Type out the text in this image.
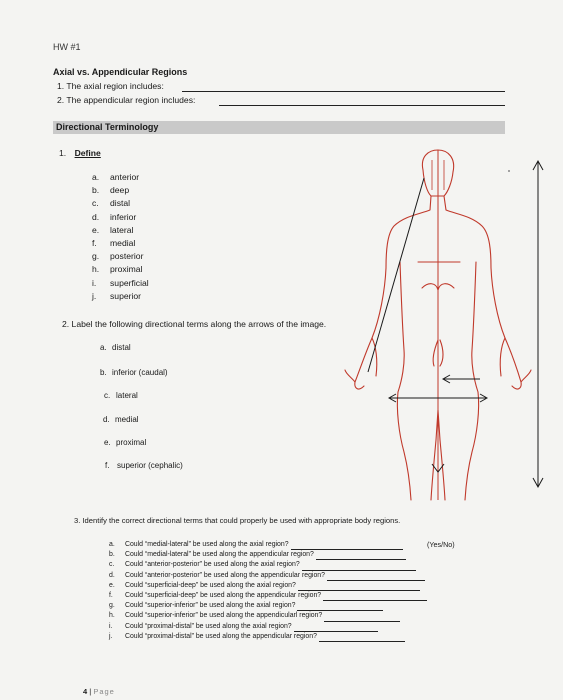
HW #1
Axial vs. Appendicular Regions
1. The axial region includes:
2. The appendicular region includes:
Directional Terminology
1. Define
a.	anterior
b.	deep
c.	distal
d.	inferior
e.	lateral
f.	medial
g.	posterior
h.	proximal
i.	superficial
j.	superior
2. Label the following directional terms along the arrows of the image.
a. distal
b. inferior (caudal)
c. lateral
d. medial
e. proximal
f. superior (cephalic)
3. Identify the correct directional terms that could properly be used with appropriate body regions.
(Yes/No)
a.	Could “medial-lateral” be used along the axial region?
b.	Could “medial-lateral” be used along the appendicular region?
c.	Could “anterior-posterior” be used along the axial region?
d.	Could “anterior-posterior” be used along the appendicular region?
e.	Could “superficial-deep” be used along the axial region?
f.	Could “superficial-deep” be used along the appendicular region?
g.	Could “superior-inferior” be used along the axial region?
h.	Could “superior-inferior” be used along the appendicularl region?
i.	Could “proximal-distal” be used along the axial region?
j.	Could “proximal-distal” be used along the appendicular region?
4 | Page
